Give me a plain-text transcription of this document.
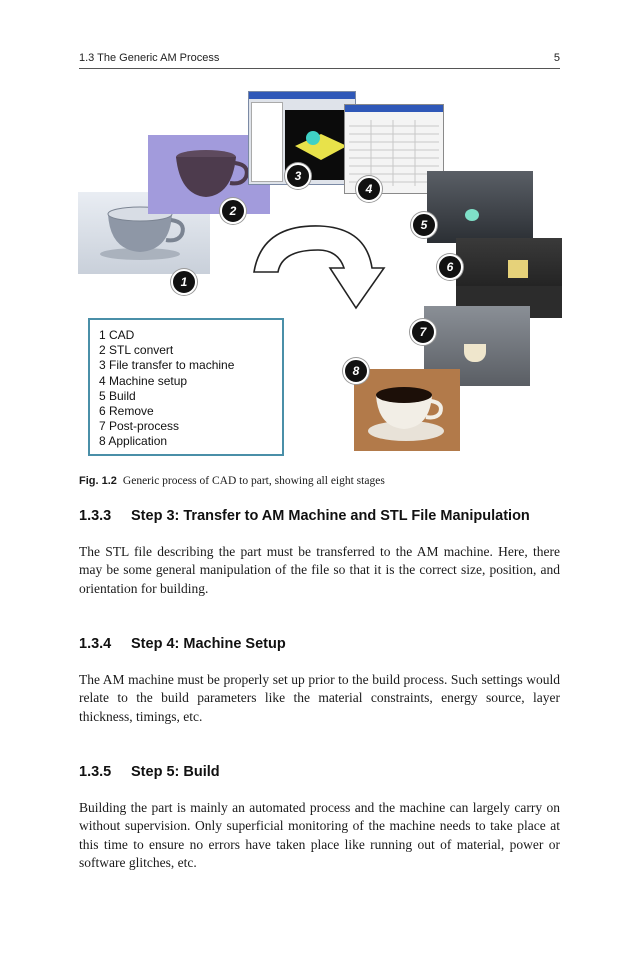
1.3 The Generic AM Process	5
1 CAD
2 STL convert
3 File transfer to machine
4 Machine setup
5 Build
6 Remove
7 Post-process
8 Application
1
2
3
4
5
6
7
8
Fig. 1.2 Generic process of CAD to part, showing all eight stages
1.3.3 Step 3: Transfer to AM Machine and STL File Manipulation
The STL file describing the part must be transferred to the AM machine. Here, there may be some general manipulation of the file so that it is the correct size, position, and orientation for building.
1.3.4 Step 4: Machine Setup
The AM machine must be properly set up prior to the build process. Such settings would relate to the build parameters like the material constraints, energy source, layer thickness, timings, etc.
1.3.5 Step 5: Build
Building the part is mainly an automated process and the machine can largely carry on without supervision. Only superficial monitoring of the machine needs to take place at this time to ensure no errors have taken place like running out of material, power or software glitches, etc.
